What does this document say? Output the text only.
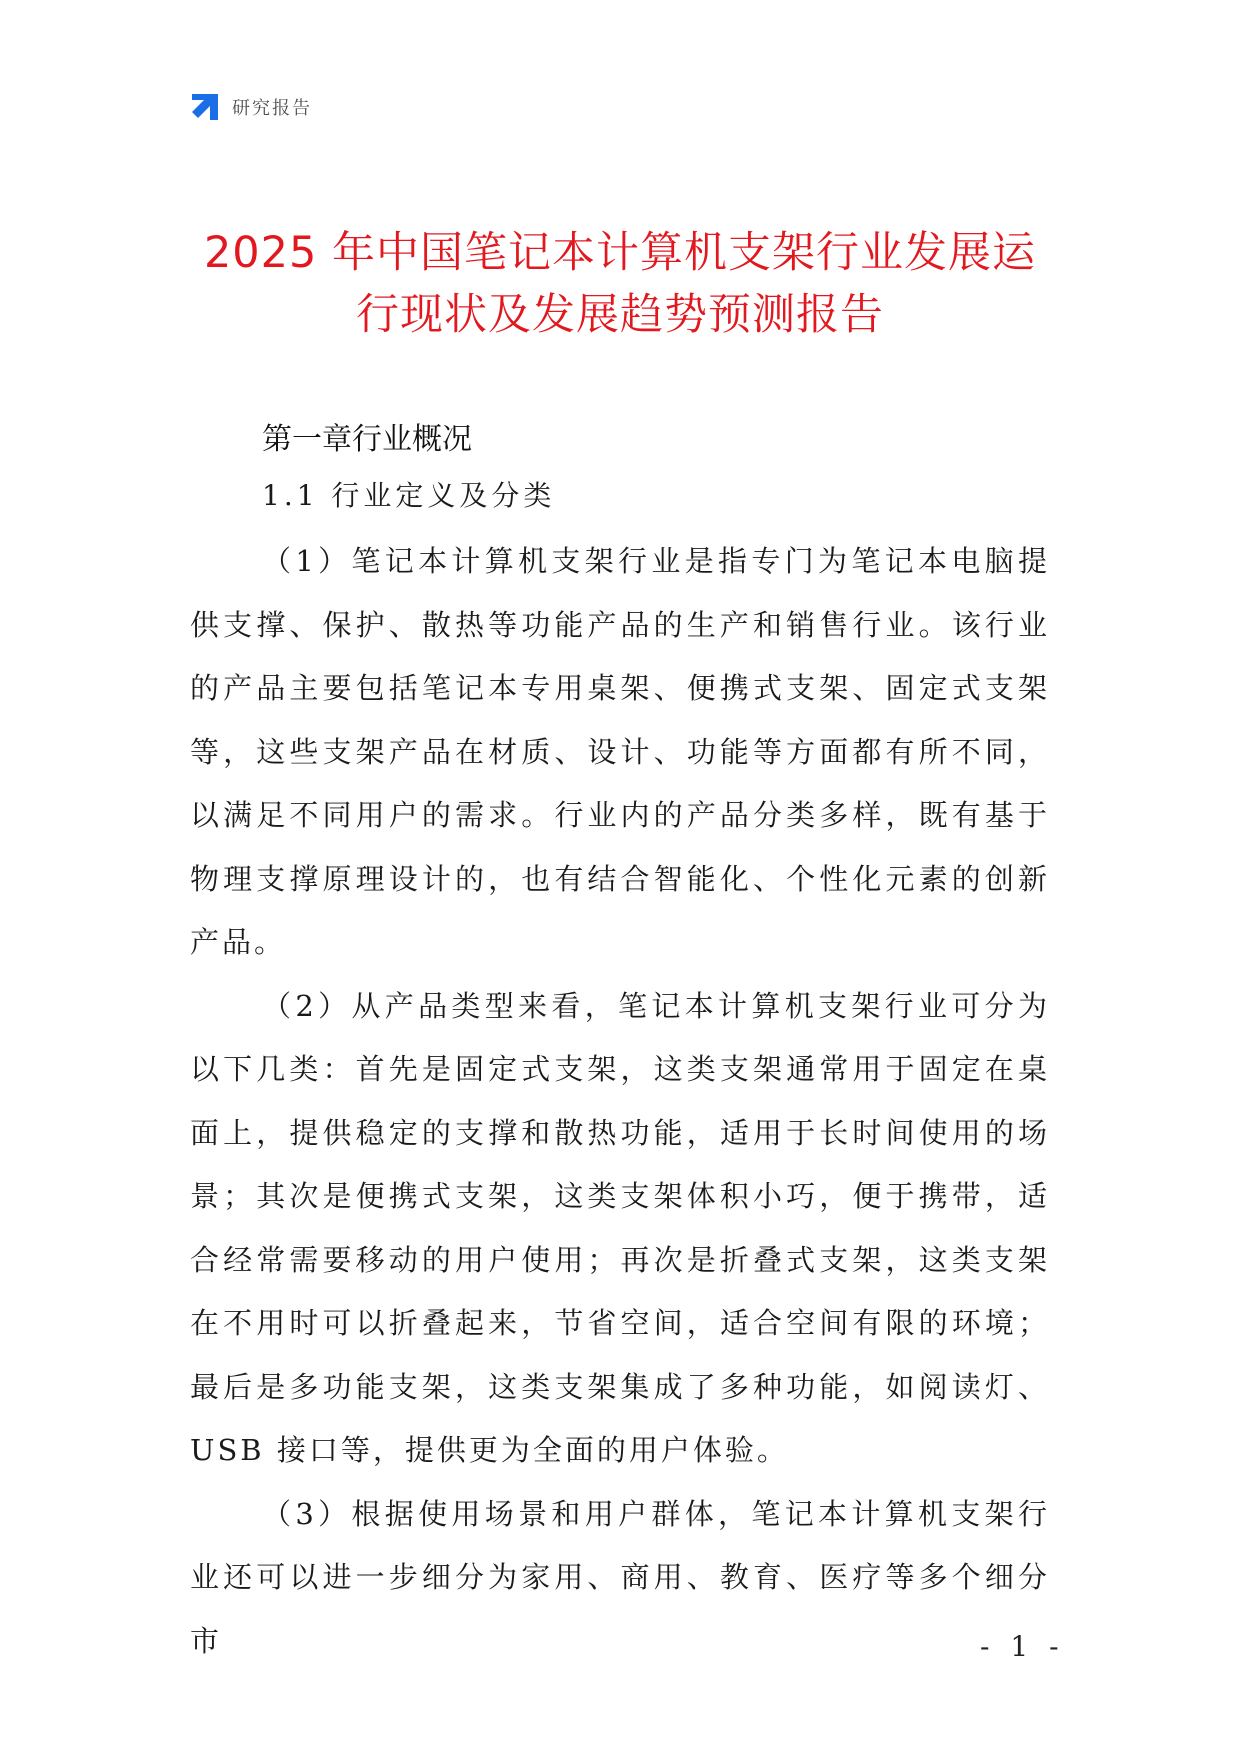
研究报告
2025 年中国笔记本计算机支架行业发展运
行现状及发展趋势预测报告
第一章行业概况
1.1 行业定义及分类

（1）笔记本计算机支架行业是指专门为笔记本电脑提供支撑、保护、散热等功能产品的生产和销售行业。该行业的产品主要包括笔记本专用桌架、便携式支架、固定式支架等，这些支架产品在材质、设计、功能等方面都有所不同，以满足不同用户的需求。行业内的产品分类多样，既有基于物理支撑原理设计的，也有结合智能化、个性化元素的创新产品。

（2）从产品类型来看，笔记本计算机支架行业可分为以下几类：首先是固定式支架，这类支架通常用于固定在桌面上，提供稳定的支撑和散热功能，适用于长时间使用的场景；其次是便携式支架，这类支架体积小巧，便于携带，适合经常需要移动的用户使用；再次是折叠式支架，这类支架在不用时可以折叠起来，节省空间，适合空间有限的环境；最后是多功能支架，这类支架集成了多种功能，如阅读灯、USB 接口等，提供更为全面的用户体验。

（3）根据使用场景和用户群体，笔记本计算机支架行业还可以进一步细分为家用、商用、教育、医疗等多个细分市	- 1 -
